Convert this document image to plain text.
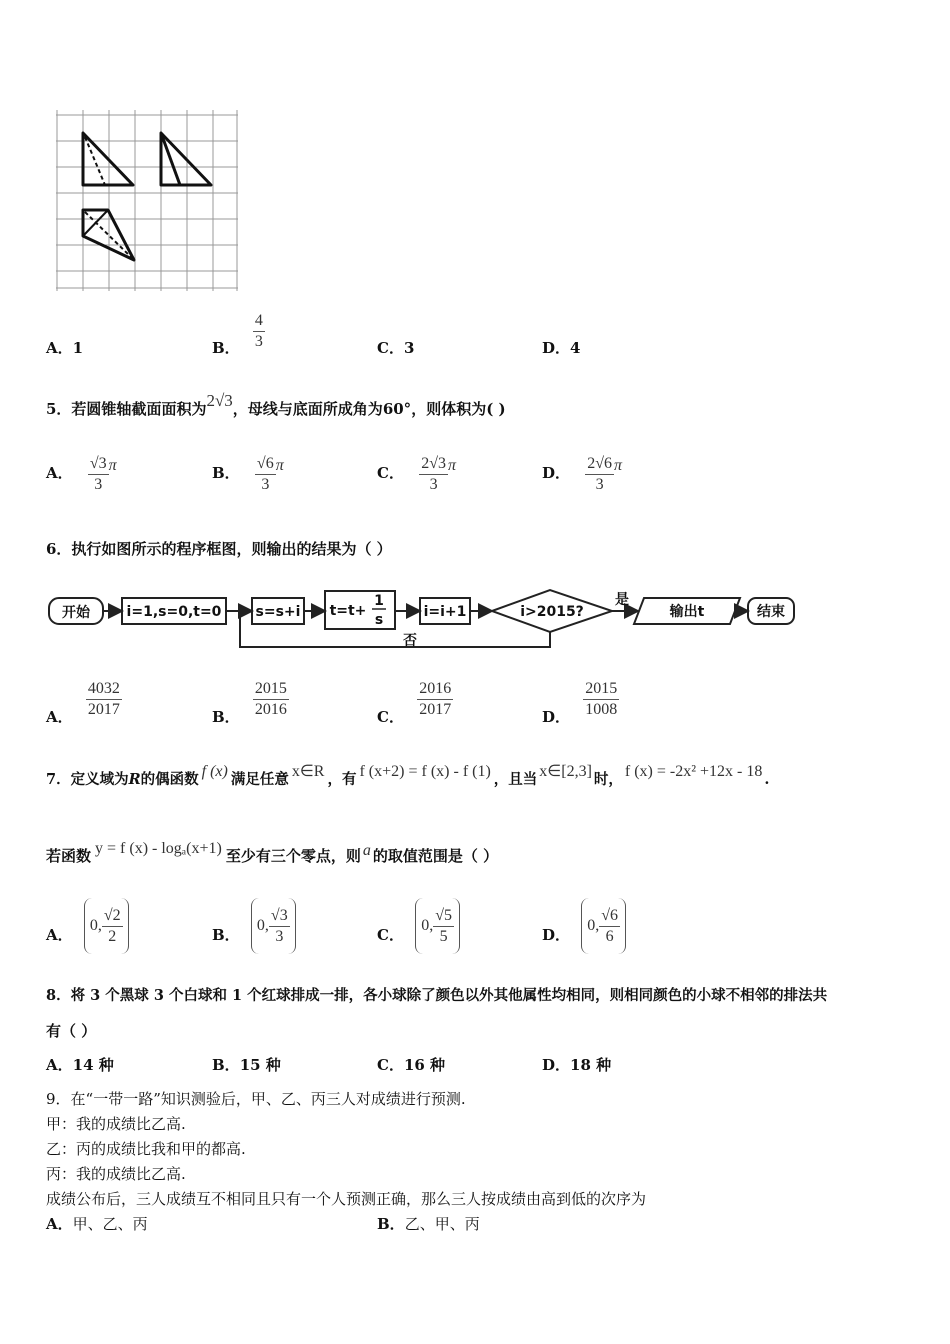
A．1	B． $\frac{4}{3}$	C．3	D．4
5．若圆锥轴截面面积为2√3，母线与底面所成角为60°，则体积为( )
A． $\frac{√3}{3}$ π	B． $\frac{√6}{3}$ π	C． $\frac{2√3}{3}$ π	D． $\frac{2√6}{3}$ π
6．执行如图所示的程序框图，则输出的结果为（ ）
开始	i=1,s=0,t=0 s=s+i t=t+
1
s	i=i+1	i>2015?
是
否
输出t	结束
A． $\frac{4032}{2017}$	B． $\frac{2015}{2016}$	C． $\frac{2016}{2017}$	D． $\frac{2015}{1008}$
7．定义域为R的偶函数 f (x) 满足任意 x∈R ，有 f (x+2) = f (x) - f (1) ，且当 x∈[2,3] 时， f (x) = -2x² +12x - 18 .
若函数 y = f (x) - logₐ(x+1) 至少有三个零点，则 a 的取值范围是（ ）
A．
0, $\frac{√2}{2}$	B．
0, $\frac{√3}{3}$	C．
0, $\frac{√5}{5}$	D．
0, $\frac{√6}{6}$
8．将 3 个黑球 3 个白球和 1 个红球排成一排，各小球除了颜色以外其他属性均相同，则相同颜色的小球不相邻的排法共
有（ ）
A．14 种	B．15 种	C．16 种	D．18 种
9．在“一带一路”知识测验后，甲、乙、丙三人对成绩进行预测.
甲：我的成绩比乙高.
乙：丙的成绩比我和甲的都高.
丙：我的成绩比乙高.
成绩公布后，三人成绩互不相同且只有一个人预测正确，那么三人按成绩由高到低的次序为
A．甲、乙、丙	B．乙、甲、丙
